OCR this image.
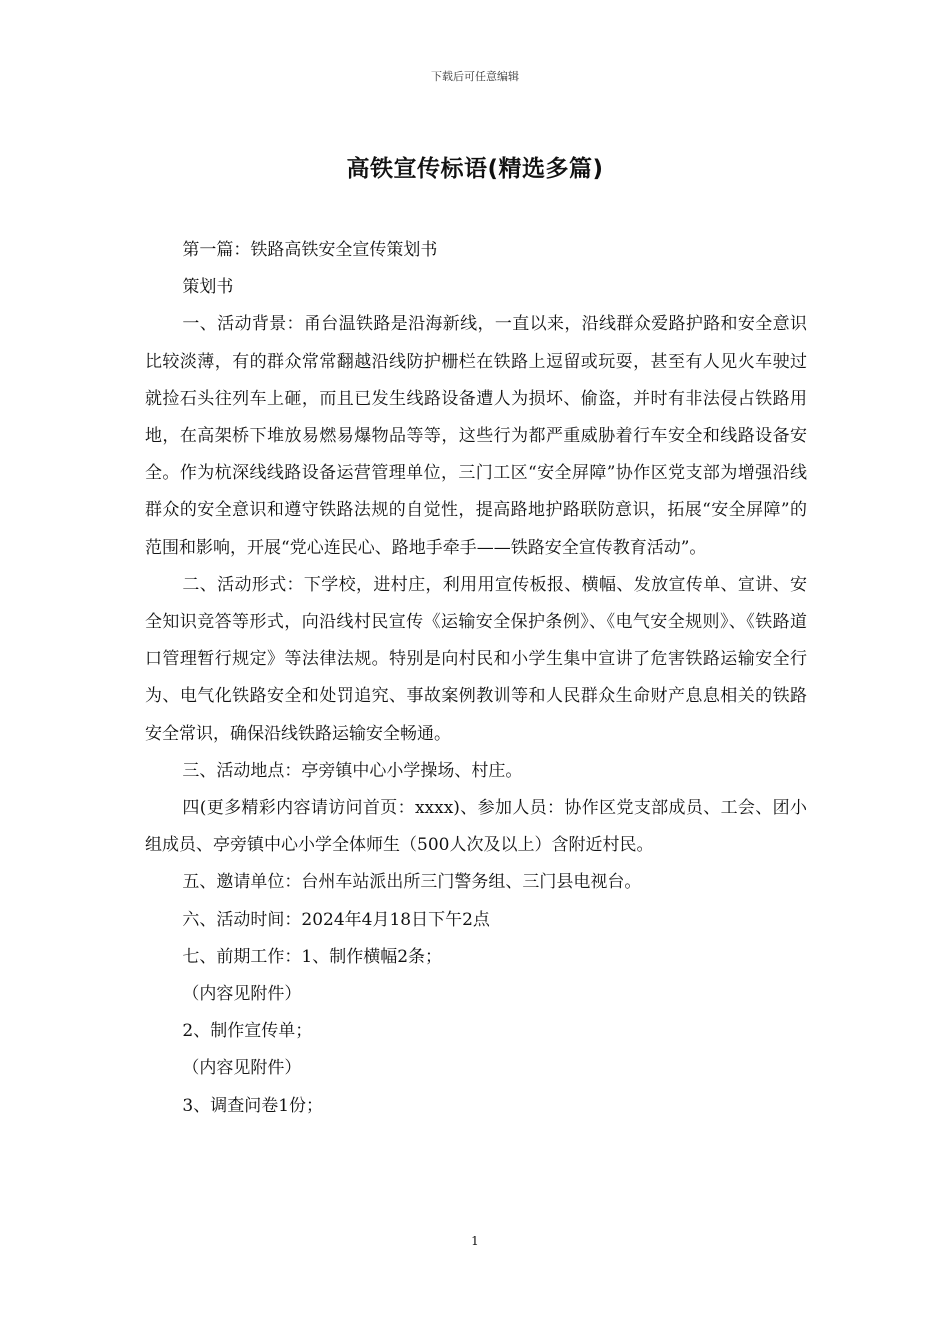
下载后可任意编辑
高铁宣传标语(精选多篇)

第一篇：铁路高铁安全宣传策划书

策划书

一、活动背景：甬台温铁路是沿海新线，一直以来，沿线群众爱路护路和安全意识比较淡薄，有的群众常常翻越沿线防护栅栏在铁路上逗留或玩耍，甚至有人见火车驶过就捡石头往列车上砸，而且已发生线路设备遭人为损坏、偷盗，并时有非法侵占铁路用地，在高架桥下堆放易燃易爆物品等等，这些行为都严重威胁着行车安全和线路设备安全。作为杭深线线路设备运营管理单位，三门工区“安全屏障”协作区党支部为增强沿线群众的安全意识和遵守铁路法规的自觉性，提高路地护路联防意识，拓展“安全屏障”的范围和影响，开展“党心连民心、路地手牵手——铁路安全宣传教育活动”。

二、活动形式：下学校，进村庄，利用用宣传板报、横幅、发放宣传单、宣讲、安全知识竞答等形式，向沿线村民宣传《运输安全保护条例》、《电气安全规则》、《铁路道口管理暂行规定》等法律法规。特别是向村民和小学生集中宣讲了危害铁路运输安全行为、电气化铁路安全和处罚追究、事故案例教训等和人民群众生命财产息息相关的铁路安全常识，确保沿线铁路运输安全畅通。

三、活动地点：亭旁镇中心小学操场、村庄。

四(更多精彩内容请访问首页：xxxx)、参加人员：协作区党支部成员、工会、团小组成员、亭旁镇中心小学全体师生（500人次及以上）含附近村民。

五、邀请单位：台州车站派出所三门警务组、三门县电视台。

六、活动时间：2024年4月18日下午2点

七、前期工作：1、制作横幅2条；

（内容见附件）

2、制作宣传单；

（内容见附件）

3、调查问卷1份；

1
